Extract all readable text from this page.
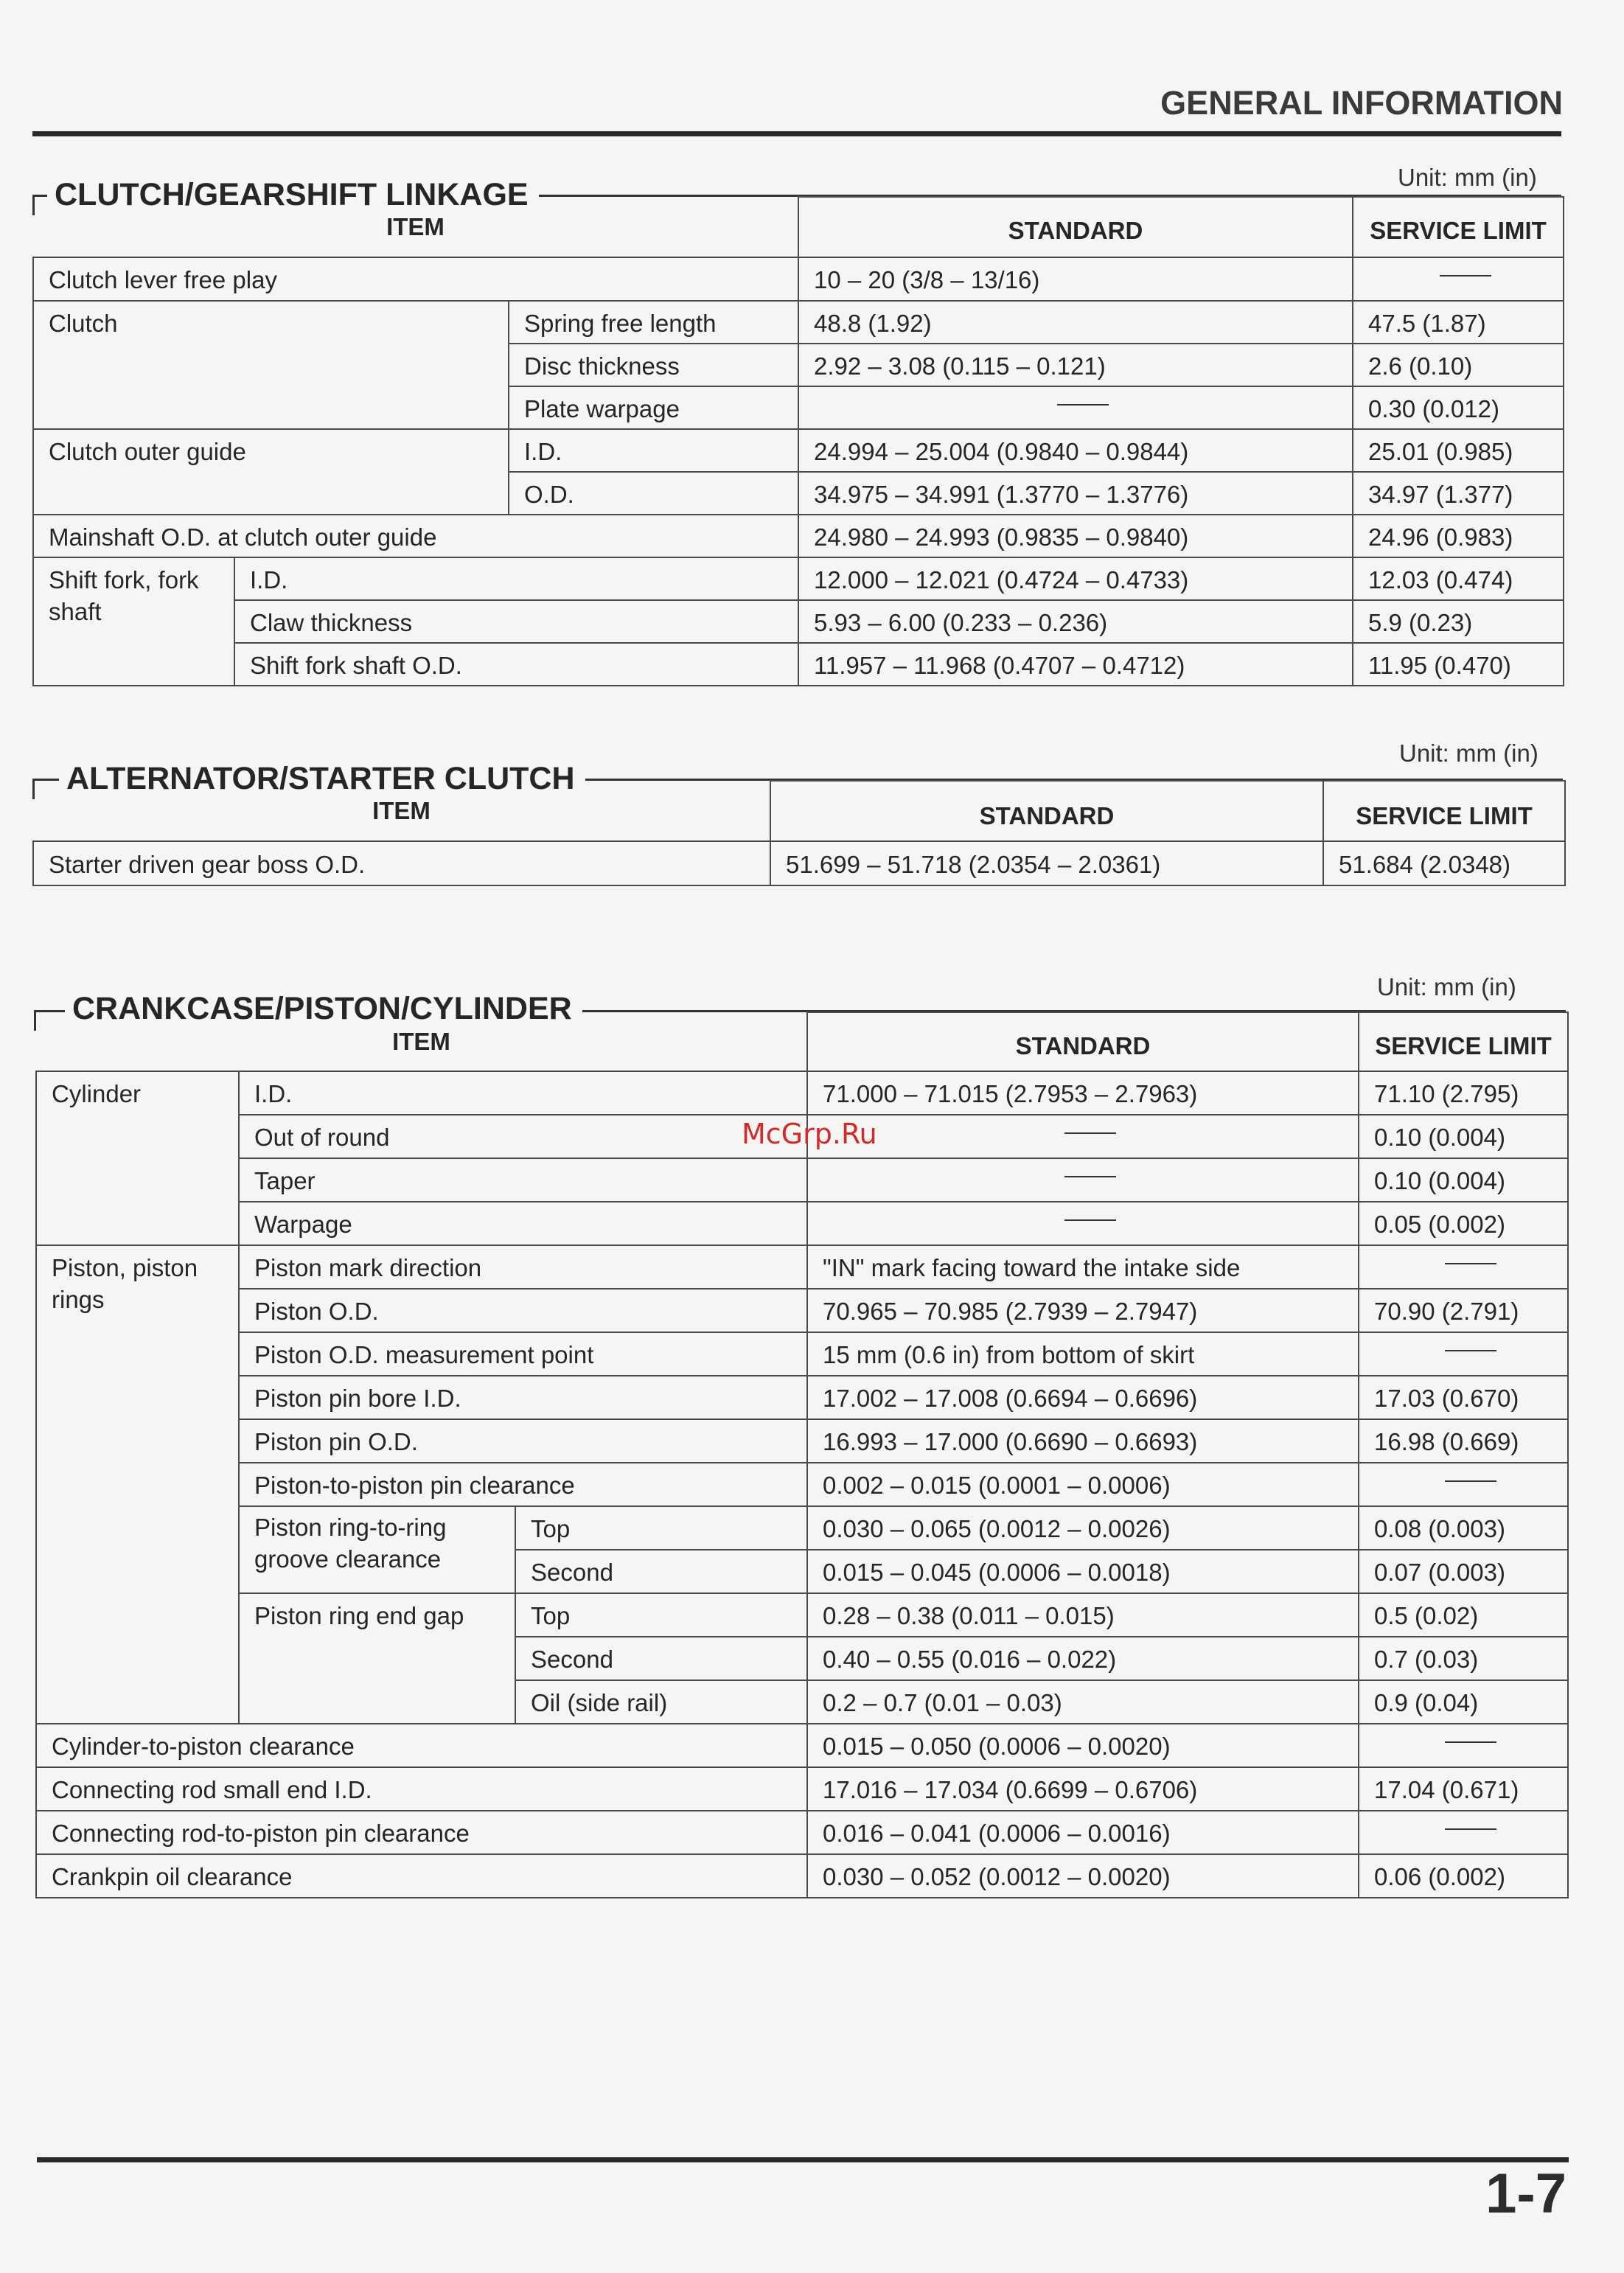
GENERAL INFORMATION
CLUTCH/GEARSHIFT LINKAGE	Unit: mm (in)
ITEM			STANDARD	SERVICE LIMIT
Clutch lever free play			10 – 20 (3/8 – 13/16)	
Clutch		Spring free length	48.8 (1.92)	47.5 (1.87)
		Disc thickness	2.92 – 3.08 (0.115 – 0.121)	2.6 (0.10)
		Plate warpage		0.30 (0.012)
Clutch outer guide		I.D.	24.994 – 25.004 (0.9840 – 0.9844)	25.01 (0.985)
		O.D.	34.975 – 34.991 (1.3770 – 1.3776)	34.97 (1.377)
Mainshaft O.D. at clutch outer guide			24.980 – 24.993 (0.9835 – 0.9840)	24.96 (0.983)
Shift fork, fork shaft	I.D.		12.000 – 12.021 (0.4724 – 0.4733)	12.03 (0.474)
	Claw thickness		5.93 – 6.00 (0.233 – 0.236)	5.9 (0.23)
	Shift fork shaft O.D.		11.957 – 11.968 (0.4707 – 0.4712)	11.95 (0.470)
ALTERNATOR/STARTER CLUTCH
Unit: mm (in)
ITEM	STANDARD	SERVICE LIMIT
Starter driven gear boss O.D.	51.699 – 51.718 (2.0354 – 2.0361)	51.684 (2.0348)
CRANKCASE/PISTON/CYLINDER
Unit: mm (in)
ITEM			STANDARD	SERVICE LIMIT
Cylinder	I.D.		71.000 – 71.015 (2.7953 – 2.7963)	71.10 (2.795)
	Out of round			0.10 (0.004)
	Taper			0.10 (0.004)
	Warpage			0.05 (0.002)
Piston, piston rings	Piston mark direction		"IN" mark facing toward the intake side	
	Piston O.D.		70.965 – 70.985 (2.7939 – 2.7947)	70.90 (2.791)
	Piston O.D. measurement point		15 mm (0.6 in) from bottom of skirt	
	Piston pin bore I.D.		17.002 – 17.008 (0.6694 – 0.6696)	17.03 (0.670)
	Piston pin O.D.		16.993 – 17.000 (0.6690 – 0.6693)	16.98 (0.669)
	Piston-to-piston pin clearance		0.002 – 0.015 (0.0001 – 0.0006)	
	Piston ring-to-ring groove clearance	Top	0.030 – 0.065 (0.0012 – 0.0026)	0.08 (0.003)
		Second	0.015 – 0.045 (0.0006 – 0.0018)	0.07 (0.003)
	Piston ring end gap	Top	0.28 – 0.38 (0.011 – 0.015)	0.5 (0.02)
		Second	0.40 – 0.55 (0.016 – 0.022)	0.7 (0.03)
		Oil (side rail)	0.2 – 0.7 (0.01 – 0.03)	0.9 (0.04)
Cylinder-to-piston clearance			0.015 – 0.050 (0.0006 – 0.0020)	
Connecting rod small end I.D.			17.016 – 17.034 (0.6699 – 0.6706)	17.04 (0.671)
Connecting rod-to-piston pin clearance			0.016 – 0.041 (0.0006 – 0.0016)	
Crankpin oil clearance			0.030 – 0.052 (0.0012 – 0.0020)	0.06 (0.002)
McGrp.Ru
1-7
